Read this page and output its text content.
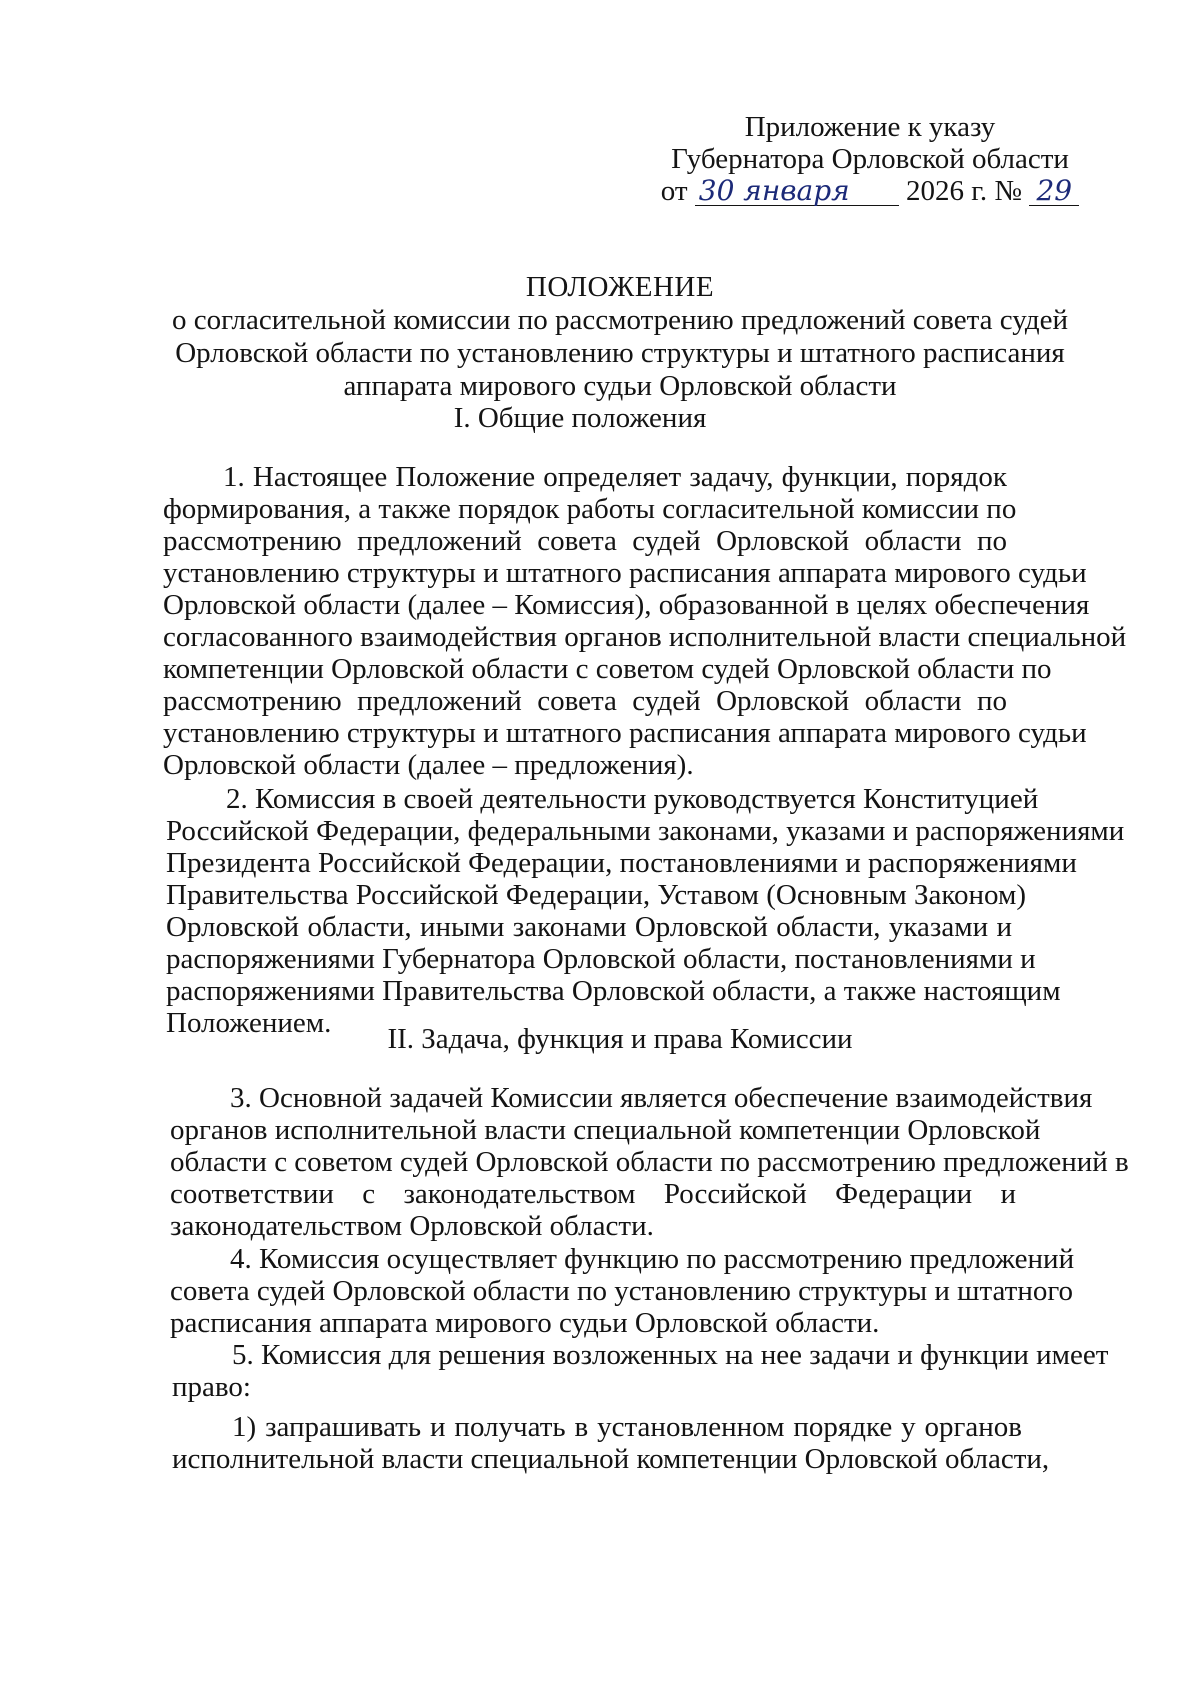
Приложение к указу
Губернатора Орловской области
от 30 января 2026 г. № 29
ПОЛОЖЕНИЕ
о согласительной комиссии по рассмотрению предложений совета судей
Орловской области по установлению структуры и штатного расписания
аппарата мирового судьи Орловской области
I. Общие положения
1. Настоящее Положение определяет задачу, функции, порядок
формирования, а также порядок работы согласительной комиссии по
рассмотрению предложений совета судей Орловской области по
установлению структуры и штатного расписания аппарата мирового судьи
Орловской области (далее – Комиссия), образованной в целях обеспечения
согласованного взаимодействия органов исполнительной власти специальной
компетенции Орловской области с советом судей Орловской области по
рассмотрению предложений совета судей Орловской области по
установлению структуры и штатного расписания аппарата мирового судьи
Орловской области (далее – предложения).
2. Комиссия в своей деятельности руководствуется Конституцией
Российской Федерации, федеральными законами, указами и распоряжениями
Президента Российской Федерации, постановлениями и распоряжениями
Правительства Российской Федерации, Уставом (Основным Законом)
Орловской области, иными законами Орловской области, указами и
распоряжениями Губернатора Орловской области, постановлениями и
распоряжениями Правительства Орловской области, а также настоящим
Положением.	II. Задача, функция и права Комиссии
3. Основной задачей Комиссии является обеспечение взаимодействия
органов исполнительной власти специальной компетенции Орловской
области с советом судей Орловской области по рассмотрению предложений в
соответствии с законодательством Российской Федерации и
законодательством Орловской области.
4. Комиссия осуществляет функцию по рассмотрению предложений
совета судей Орловской области по установлению структуры и штатного
расписания аппарата мирового судьи Орловской области.
5. Комиссия для решения возложенных на нее задачи и функции имеет
право:
1) запрашивать и получать в установленном порядке у органов
исполнительной власти специальной компетенции Орловской области,
